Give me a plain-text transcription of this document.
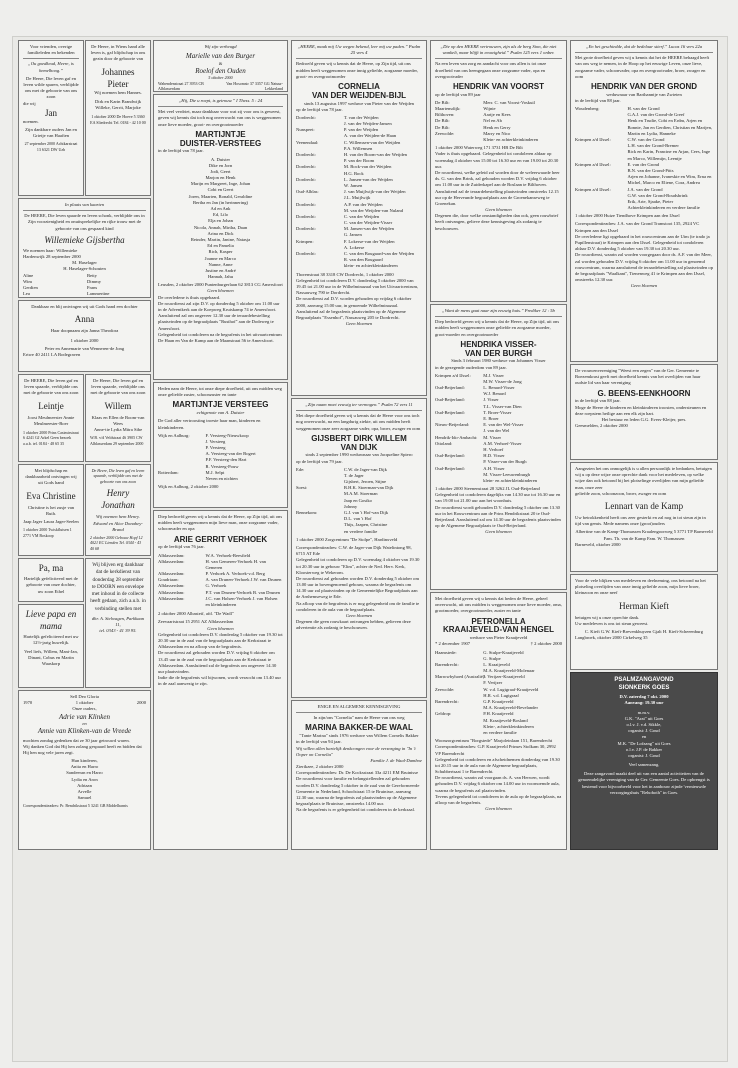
Voor vrienden, overige familieleden en bekenden
„Ou goedkeud, Heere, is hemelhoog.”
De Heere, Die leven gaf en leven wilde sparen, verblijdde ons met de geboorte van ons zoon
die wij
Jan
noemen.
Zijn dankbare ouders Jan en Grietje van Haaften
27 september 2000 Achtkarstraat 13 6321 DW Uzb
De Heere, in Wiens hand alle leven is, gaf blijdschap in ons gezin door de geboorte van
Johannes Pieter
Wij noemen hem Hannes.
Dirk en Karin Brandwijk
Willeke, Gerrit, Marjoke
1 oktober 2000 De Hoeve 5 3360 EA Sliedrecht Tel. 0184 - 42 10 00
In plaats van kaarten
De HEERE, Die leven spaarde en leven schonk, verblijdde ons in Zijn voorzienigheid en onuitsprekelijke en rijke trouw met de geboorte van ons gespaard kind
Willemieke Gijsbertha
We noemen haar: Willemieke
Hardenwijk 28 september 2000
M. Haselager
H. Haselager-Schouten
Aline	Betty
Wim	Dimmy
Gerdien	Frans
Lea	Lammertine
Dankbaar en blij ontvingen wij uit Gods hand een dochter
Anna
Haar doopnaam zijn Janna Theodora
1 oktober 2000
Peter en Annemarie van Wenneren-de Jong
Ertwe 40 2411 LA Bodegraven
De HEERE, Die leven gaf en leven spaarde, verblijdde ons met de geboorte van ons zoon
Leintje
Joost Meulmeester Annie Meulmeester-Boer
1 oktober 2000 Prins Casimirstraat 6 4241 GJ Arkel Geen bezoek a.u.b. tel. 0184 - 48 65 35
De Heere, Die leven gaf en leven spaarde, verblijdde ons met de geboorte van ons zoon
Willem
Klaas en Ellen de Boom-van Wees
Anne-tie Lydia Mitra Sibe
W.B. v/d Veldstraat 46 3905 CW Alblasserdam 29 september 2000
Met blijdschap en dankbaarheid ontvingen wij uit Gods hand
Eva Christine
Christine is het zusje van Ruth.
Jaap Jager Laura Jager-Seelen
1 oktober 2000 Twiskflutsen 1 2771 VM Boskoop
De Heere, Die leven gaf en leven spaarde, verblijdde ons met de geboorte van ons zoon
Henry Jonathan
Wij noemen hem Henry.
Edward en Alice Donahey-Brand
2 oktober 2000 Gebouw Hopf 12 4021 EC Lienden Tel. 0344 - 43 40 68
Pa, ma
Hartelijk gefeliciteerd met de geboorte van onze dochter, uw zoon Ethel
Wij blijven erg dankbaar dat de kerkdienst van donderdag 28 september te DOORN een envelope met inhoud in de collecte heeft gedaan, zich a.u.b. in verbinding stellen met
dhr. A. Stelwagen, Parkkaan 11,
tel. 0343 - 41 39 95.
Lieve papa en mama
Hartelijk gefeliciteerd met uw 12½-jarig huwelijk.
Veel liefs, Willem, Mani-Jan, Dinant, Cobus en Martin Waaskorp
Sell Deo Gloria
1970	1 oktober	2000
Onze ouders,
Adrie van Klinken
en
Annie van Klinken-van de Vreede
mochten zondag gedenken dat ze 30 jaar getrouwd waren.
Wij danken God dat Hij hen zolang gespaard heeft en bidden dat Hij hen nog vele jaren zegt.
Hun kinderen,
Anita en Harro
Sandeeran en Harro
Lydia en Aron
Adriaan
Arvelle
Samuel
Correspondentieadres: Pr. Bendrikstraat 5 3241 GB Middelharnis
Wij zijn verheugd
Marielle van den Burger
&
Roelof den Ouden
5 oktober 2000
Wabendenstraat 27 3953 CB Alblasserdam
Van Hosomstr 37 3357 GG Natuur-Lekkerland
„Hij, Die u roept, is getrouw.” I Thess. 5 : 24
Met veel verdriet, maar dankbaar voor wat zij voor ons is geweest, geven wij kennis dat toch nog onverwacht van ons is weggenomen onze lieve moeder, groot- en overgrootmoeder
MARTIJNTJE
DUISTER-VERSTEEG
in de leeftijd van 78 jaar.
A. Duister
Dike en Jorn
Jodi, Geert
Marjon en Henk
Marijn en Margreet, Inge, Johan
Cobi en Geert
Joren, Maarten, Ronald, Geraldine
Bertha en Jan (in herinnering)
Ad en Ank
Ed, Lilo
Elja en Johan
Nicola, Annah, Mirtha, Daan
Arina en Dick
Reinder, Martin, Janine, Natasja
Ed en Pamelia
Rich, Kasper
Joanne en Marco
Nanne, Anne
Justine en André
Hannah, Jahu
Leusden, 2 oktober 2000 Puntenburgerlaan 62 3813 CG Amersfoort
Geen bloemen
De overledene is thuis opgebaard.
De rouwdienst zal zijn D.V. op donderdag 5 oktober om 11.00 uur in de Adventkerk aan de Koepweg Kruiskamp 74 te Amersfoort.
Aansluitend zal om ongeveer 12.30 uur de teraardebestelling plaatsvinden op de begraafplaats "Rusthof" aan de Dodeweg te Amersfoort.
Gelegenheid tot condoleren na de begrafenis in het uitvaartcentrum De Haan en Van de Kamp aan de Maanstraat 56 te Amersfoort.
Heden nam de Heere, tot onze diepe droefheid, uit ons midden weg onze geliefde zuster, schoonzuster en tante
MARTIJNTJE VERSTEEG
echtgenote van A. Duister
De God aller vertroosting troeste haar man, kinderen en kleinkinderen.
Wijk en Aalburg:	F. Versteeg-Nieuwkoop
J. Versteeg
P. Versteeg
A. Versteeg-van der Bogert
P.F. Versteeg-den Hart
R. Versteeg-Pouw
Rotterdam:	M.J. Selpt
Neven en nichten
Wijk en Aalburg, 2 oktober 2000
Diep bedroefd geven wij u kennis dat de Heere, op Zijn tijd, uit ons midden heeft weggenomen mijn lieve man, onze zorgzame vader, schoonvader en opa
ARIE GERRIT VERHOEK
op de leeftijd van 76 jaar.
Alblasserdam:	W.A. Verhoek-Beesfield
Alblasserdam:	H. van Gemeren-Verhoek H. van Gemeren
Alblasserdam:	P. Verhoek A. Verhoek-v.d. Berg
Goudriaan:	A. van Drunen-Verhoek J.W. van Drunen
Alblasserdam:	G. Verhoek
Alblasserdam:	P.T. van Drunen-Verhoek B. van Drunen
Alblasserdam:	J.C. van Holsen-Verhoek J. van Holsen
en kleinkinderen
2 oktober 2000 Albasteif, afd. "De Wadl"
Zeevaartstraat 15 2951 AZ Alblasserdam
Geen bloemen
Gelegenheid tot condoleren D.V. donderdag 5 oktober van 19.30 tot 20.30 uur in de zaal van de begraafplaats aan de Kerkstraat te Alblasserdam en na afloop van de begrafenis.
De rouwdienst zal gehouden worden D.V. vrijdag 6 oktober om 13.45 uur in de zaal van de begraafplaats aan de Kerkstraat te Alblasserdam. Aansluitend zal de begrafenis om ongeveer 14.30 uur plaatsvinden.
Indie die de begrafenis wil bijwonen, wordt verzocht om 13.40 uur in de zaal aanwezig te zijn.
„HEERE, maak mij Uw wegen bekend, leer mij uw paden.” Psalm 25 vers 4
Bedroefd geven wij u kennis dat de Heere, op Zijn tijd, uit ons midden heeft weggenomen onze innig geliefde, zorgzame moeder, groot- en overgrootmoeder
CORNELIA
VAN DER WEIJDEN-BIJL
sinds 13 augustus 1997 weduwe van Pieter van der Weijden
op de leeftijd van 78 jaar.
Dordrecht:	T. van der Weijden
J. van der Weijden-Jansen
Nunspeet:	P. van der Weijden
A. van der Weijden-de Haan
Veenendaal:	C. Willemsen-van der Weijden
P.A. Willemsen
Dordrecht:	H. van der Boom-van der Weijden
P. van der Boom
Dordrecht:	M. Bock-van der Weijden
H.G. Bock
Dordrecht:	L. Jansen-van der Weijden
W. Jansen
Oud-Alblas:	J. van Muijlwijk-van der Weijden
J.L. Muijlwijk
Dordrecht:	A.P. van der Weijden
M. van der Weijden-van Nuland
Dordrecht:	C. van der Weijden
C. van der Weijden-Visser
Dordrecht:	M. Jansen-van der Weijden
G. Jansen
Krimpen:	F. Lokerse-van der Weijden
A. Lokerse
Dordrecht:	C. van den Bougaard-van der Weijden
R. van den Bougaard
klein- en achterkleinkinderen
Thorenstraat 38 3318 CW Dordrecht, 1 oktober 2000
Gelegenheid tot condoleren D.V. donderdag 5 oktober 2000 van 19.45 tot 21.00 uur in de Wilhelminazaal van het Uitvaartcentrum, Nassauweg 790 te Dordrecht.
De rouwdienst zal D.V. worden gehouden op vrijdag 6 oktober 2000, aanvang 15.00 uur, in genoemde Wilhelminazaal.
Aansluitend zal de begrafenis plaatsvinden op de Algemene Begraafplaats "Essenhof", Nassauweg 205 te Dordrecht.
Geen bloemen
„Zijn naam moet eeuwig ter vermogen.” Psalm 72 vers 11
Met diepe droefheid geven wij u kennis dat de Heere voor ons toch nog onverwacht, na een langdurig ziekte, uit ons midden heeft weggenomen onze zeer zorgzame vader, opa, broer, zwager en oom
GIJSBERT DIRK WILLEM
VAN DIJK
sinds 2 september 1990 weduwnaar van Jacqueline Spiero
op de leeftijd van 79 jaar.
Ede:	C.W. de Jager-van Dijk
T. de Jager
Gijsbert, Jeroen, Stijne
Soest:	B.H.K. Stoerman-van Dijk
M.A.M. Stoerman
Jaap en Gosiko
Johnny
Bennekom:	G.J. van 't Hof-van Dijk
D.L. van 't Hof
Thijs, Jaapen, Christine
en verdere familie
1 oktober 2000 Zorgcentrum "De Stolpe", Hardinxveld
Correspondentieadres: C.W. de Jager-van Dijk Watelintong 98, 6715 AT Ede
Gelegenheid tot condoleren op D.V. woensdag 4 oktober van 19.30 tot 20.30 uur in gebouw "Elim", achter de Ned. Herv. Kerk, Kloosterweg te Wekerom.
De rouwdienst zal gehouden worden D.V. donderdag 5 oktober om 13.00 uur in bovengenoemd gebouw, waarna de begrafenis om 14.30 uur zal plaatsvinden op de Gemeentelijke Begraafplaats aan de Arnhemseweg te Ede.
Na afloop van de begrafenis is er nog gelegenheid om de familie te condoleren in de aula van de begraafplaats.
Geen bloemen
Degenen die geen rouwkaart ontvangen hebben, gelieven deze advertentie als zodanig te beschouwen.
ENIGE EN ALGEMENE KENNISGEVING
In zijn/ons "Cornelia" nam de Heere van ons weg
MARINA BAKKER-DE WAAL
"Tante Marina" sinds 1976 weduwe van Willem Cornelis Bakker
in de leeftijd van 94 jaar.
Wij willen allen hartelijk denkcongen voor de verzorging in "In 't Ooper on Cornelia"
Familie J. de Waal-Damboe
Zierikzee, 2 oktober 2000
Correspondentieadres: Dr. De Kocksstraat 33a 4211 EM Bruinisse
De rouwdienst voor familie en belangstellenden zal gehouden worden D.V. donderdag 5 oktober in de zaal van de Gereformeerde Gemeente in Nederland, Schoolstraat 15 te Bruinisse, aanvang 12.30 uur, waarna de begrafenis zal plaatsvinden op de Algemene begraafplaats te Bruinisse, omstreeks 14.00 uur.
Na de begrafenis is er gelegenheid tot condoleren in de kerkzaal.
„Die op den HEERE vertrouwen, zijn als de berg Sion, die niet wankelt, maar blijft in eeuwigheid.” Psalm 125 vers 1 onber.
Na een leven van zorg en aandacht voor ons allen is tot onze droefheid van ons heengegaan onze zorgzame vader, opa en overgrootvader
HENDRIK VAN VOORST
op de leeftijd van 89 jaar
De Bilt:	Merr. C. van Voorst-Voskuil
Maartensdijk:	Wijnie
Bilthoven:	Aartje en Kees
De Bilt:	Nel en Ab
De Bilt:	Henk en Gerry
Zeewolde:	Marry en Nico
Klein- en achterkleinkinderen
1 oktober 2000 Waterweg 171 3731 HB De Bilt
Vader is thuis opgebaard. Gelegenheid tot condoleren aldaar op woensdag 4 oktober van 15.00 tot 16.30 uur en van 19.00 tot 20.30 uur.
De rouwdienst, welke geleid zal worden door de weleerwaarde heer ds. G. van den Brink, zal gehouden worden D.V. vrijdag 6 oktober om 11.00 uur in de Zuiderkapel aan de Boslaan te Bilthoven.
Aansluitend zal de teraardebestelling plaatsvinden omstreeks 12.15 uur op de Herveunde begraafplaats aan de Groenekanseweg te Groenekan.
Geen bloemen
Degenen die, door welke omstandigheden dan ook, geen rouwbrief heeft ontvangen, gelieve deze kennisgeving als zodanig te beschouwen.
„Want de mens gaat naar zijn eeuwig huis.” Prediker 12 : 5b
Diep bedroefd geven wij u kennis dat de Heere, op Zijn tijd, uit ons midden heeft weggenomen onze geliefde en zorgzame moeder, groot-moeder en overgrootmoeder
HENDRIKA VISSER-
VAN DER BURGH
Sinds 3 februari 1980 weduwe van Johannes Visser
in de gezegende ouderdom van 89 jaar.
Krimpen a/d IJssel:	M.J. Visser
M.W. Visser-de Jong
Oud-Beijerland:	L. Benard-Visser
W.J. Benard
Oud-Beijerland:	J. Visser
T.L. Visser-van Dien
Oud-Beijerland:	T. Broer-Visser
E. Broer
Nieuw-Beijerland:	E. van der Wel-Visser
J. van der Wel
Hendrik-Ido-Ambacht:	M. Visser
Ottoland:	A.M. Verhoef-Visser
H. Verhoef
Oud-Beijerland:	H.D. Visser
P. Visser-van der Burgh
Oud-Beijerland:	A.H. Visser
M. Visser-Leeuwenburgh
klein- en achterkleinkinderen
1 oktober 2000 Steenenstraat 28 3262 JL Oud-Beijerland
Gelegenheid tot condoleren dagelijks van 14.30 uur tot 16.30 uur en van 19.00 tot 21.00 uur aan het woonhuis.
De rouwdienst wordt gehouden D.V. donderdag 5 oktober om 13.30 uur in het Rouwcentrum aan de Prins Hendrikstraat 20 te Oud-Beijerland. Aansluitend zal om 14.30 uur de begrafenis plaatsvinden op de Algemene Begraafplaats te Oud-Beijerland.
Geen bloemen
Met droefheid geven wij u kennis dat heden de Heere, geheel onverwacht, uit ons midden is weggenomen onze lieve moeder, oma, grootmoeder, overgrootmoeder, zuster en tante
PETRONELLA
KRAAIJEVELD-VAN HENGEL
weduwe van Pieter Kraaijeveld
* 2 december 1907	† 2 oktober 2000
Haamstede:	G. Stulpe-Kraaijeveld
G. Stulpe
Barendrecht:	L. Kraaijeveld
M.A. Kraaijeveld-Molenaar
Marrowbyhoed (Australië):
J. Verijzer-Kraaijeveld
F. Verijzer
Zeewolde:	W. v.d. Lugtgraaf-Kraaijeveld
H.R. v.d. Lugtgraaf
Barendrecht:	G.P. Kraaijeveld
M.A. Kraaijeveld-Bevelander
Geldrop:	P.H. Kraaijeveld
M. Kraaijeveld-Bosland
Klein-, achterkleinkinderen
en verdere familie
Woonzorgcentrum "Borgstede" Marjoleinlaan 151, Barendrecht
Correspondentieadres: G.P. Kraaijeveld Prinses Stolkam 30, 2992 VP Barendrecht
Gelegenheid tot condoleren en afscheidnemen donderdag van 19.30 tot 20.15 uur in de aula van de Algemene begraafplaats, Schubbertsaat 1 te Barendrecht.
De rouwdienst, waarin zal voorgaan ds. A. van Herwen, wordt gehouden D.V. vrijdag 6 oktober om 14.00 uur in voornoemde aula, waarna de begrafenis zal plaatsvinden.
Tevens gelegenheid tot condoleren in de aula op de begraafplaats, na afloop van de begrafenis.
Geen bloemen
„En het geschiedde, dat de bedelaar stierf.” Lucas 16 vers 22a
Met grote droefheid geven wij u kennis dat het de HEERE behaagd heeft van ons weg te nemen, in de Hoop op het eeuwige Leven, onze lieve, zorgzame vader, schoonvader, opa en overgrootvader, broer, zwager en oom
HENDRIK VAN DER GROND
weduwnaar van Barthanntje van Zwieten
in de leeftijd van 88 jaar.
Woudenberg:	H. van der Grond
G.A.J. van der Grond-de Greef
Henk en Trudie, Cobi en Erdm, Arjen en Bonnie, Jan en Gerdien, Christian en Marijen, Martin en Lydia, Hanneke
Krimpen a/d IJssel:	C.W. van der Grond
L.H. van der Grond-Bremer
Rick en Karin, Francine en Arjan, Cees, Inge en Marco, Willemijn, Leentje
Krimpen a/d IJssel:	E. van der Grond
B.N. van der Grond-Pitts
Arjen en Johanne, Ivaneskie en Wim, Erna en Michel, Marco en Eliene, Cora, Andrea
Krimpen a/d IJssel:	J.A. van der Grond
G.W. van der Grond-Boudsbrink
Erik, Arie, Sjaake, Pieter
Achterkleinkinderen en verdere familie
1 oktober 2000 Huize Tiendhove Krimpen aan den IJssel
Correspondentieadres: J.A. van der Grond Tramstoot 135, 2924 VC Krimpen aan den IJssel
De overledene ligt opgebaard in het rouwcentrum aan de Uim (te trado ja Pupillenstraat) te Krimpen aan den IJssel. Gelegenheid tot condoleren aldaar D.V. donderdag 5 oktober van 19.30 tot 20.30 uur.
De rouwdienst, waarin zal worden voorgegaan door ds. A.F. van der Meer, zal worden gehouden D.V. vrijdag 6 oktober om 11.00 uur in genoemd rouwcentrum, waarna aansluitend de teraardebestelling zal plaatsvinden op de begraafplaats "Waalkant", Tienenweg 41 te Krimpen aan den IJssel, omstreeks 12.30 uur.
Geen bloemen
De vrouwenvereniging "Weest een zegen" van de Ger. Gemeente te Boezemkrast geeft met droefheid kennis van het overlijden van haar oudste lid van haar vereniging
G. BEENS-EENKHOORN
in de leeftijd van 88 jaar.
Moge de Heere de kinderen en kleinkinderen troosten, ondersteunen en deze roepstem heilige aan een elk zijn hart.
Het bestuur en leden G.G. Evers-Kleijer, pres.
Geesmelden, 2 oktober 2000
Aangezien het ons onmogelijk is u allen persoonlijk te bedanken, betuigen wij u op deze wijze onze oprechte dank voor het medeleven, op welke wijze dan ook betoond bij het plotselinge overlijden van mijn geliefde man, onze zeer
geliefde zoon, schoonzoon, broer, zwager en oom
Lennart van de Kamp
Uw betrokkenheid heeft ons zeer gesterkt en zal nog in tot steun zijn in tijd van gemis. Mede namens onze (groot)ouders
Albertine van de Kamp-Thomassen Kraalengoorweg 5 3771 TP Barneveld Fam. Th. van de Kamp Fam. W. Thomassen
Barneveld, oktober 2000
Voor de vele blijken van medeleven en deelneming, ons betoond na het plotseling overlijden van onze innig geliefde zoon, mijn lieve broer, kleinzoon en onze neef
Herman Kieft
betuigen wij u onze oprechte dank.
Uw medeleven is ons tot steun geweest.
C. Kieft G.W. Kieft-Brevenkhuyzen Gjalt H. Kieft-Scheeenburg
Langbroek, oktober 2000 Cirkelweg 35
PSALMZANGAVOND
SIONKERK GOES
D.V. zaterdag 7 okt. 2000
Aanvang: 19.30 uur
m.m.v.
G.K. "Arai" uit Goes
o.l.v. J. v.d. Sikkle,
organist: J. Goud
en
M.K. "De Lofzang" uit Goes
o.l.v. J.P. de Bakker
organist: J. Goud
Veel samenzang.
Deze zangavond maakt deel uit van een aantal activiteiten van de genoemdelijke vereniging van de Ger. Gemeente Goes. De opbrengst is bestemd voor bijvoorbeeld voor het in aanbouw zijnde 'vernieuwde verzorgingshuis "Rehoboth" in Goes.
